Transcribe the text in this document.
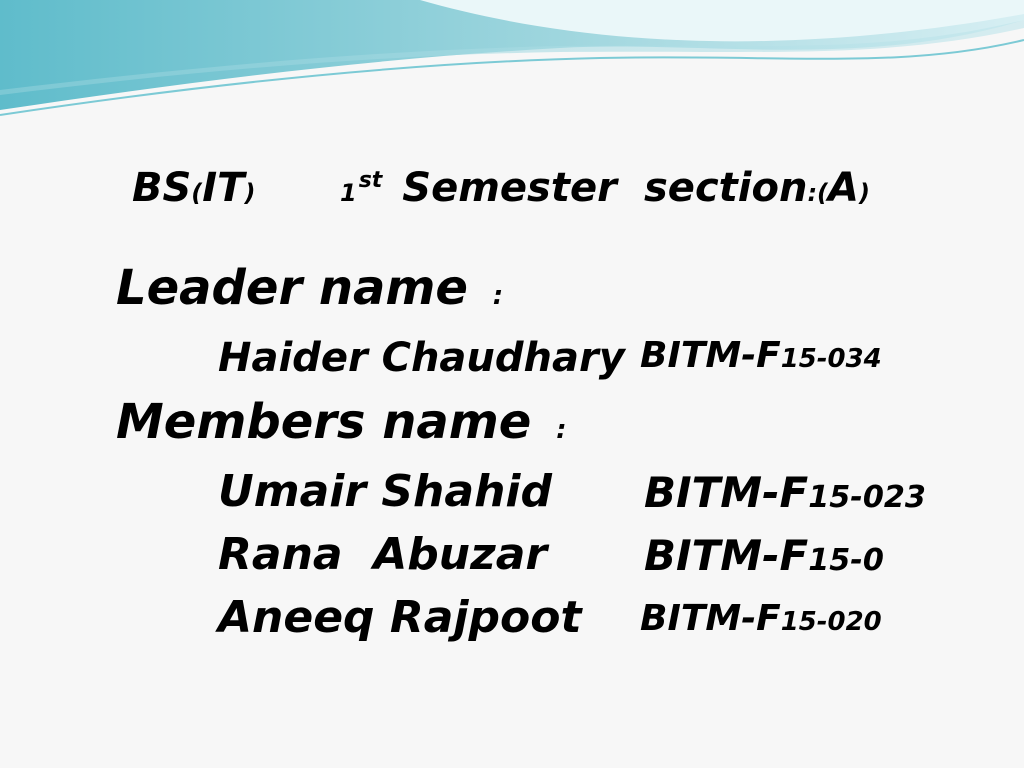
BS(IT)	1st Semester section:(A)
Leader name :
Haider Chaudhary BITM-F15-034
Members name :
Umair Shahid BITM-F15-023
Rana  Abuzar BITM-F15-0
Aneeq Rajpoot BITM-F15-020
